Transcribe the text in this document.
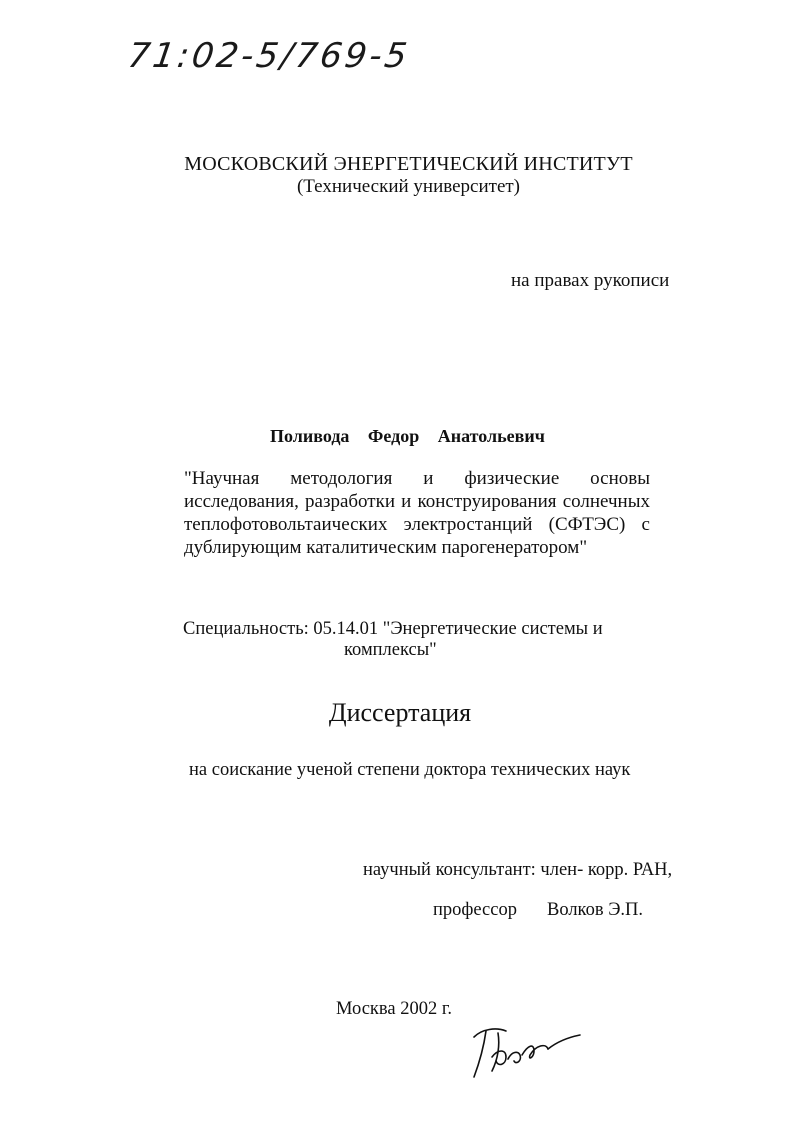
71:02-5/769-5
МОСКОВСКИЙ ЭНЕРГЕТИЧЕСКИЙ ИНСТИТУТ
(Технический университет)
на правах рукописи
Поливода Федор Анатольевич
"Научная методология и физические основы исследования, разработки и конструирования солнечных теплофотовольтаических электростанций (СФТЭС) с дублирующим каталитическим парогенератором"
Специальность: 05.14.01 "Энергетические системы и
комплексы"
Диссертация
на соискание ученой степени доктора технических наук
научный консультант: член- корр. РАН,
профессор Волков Э.П.
Москва 2002 г.
